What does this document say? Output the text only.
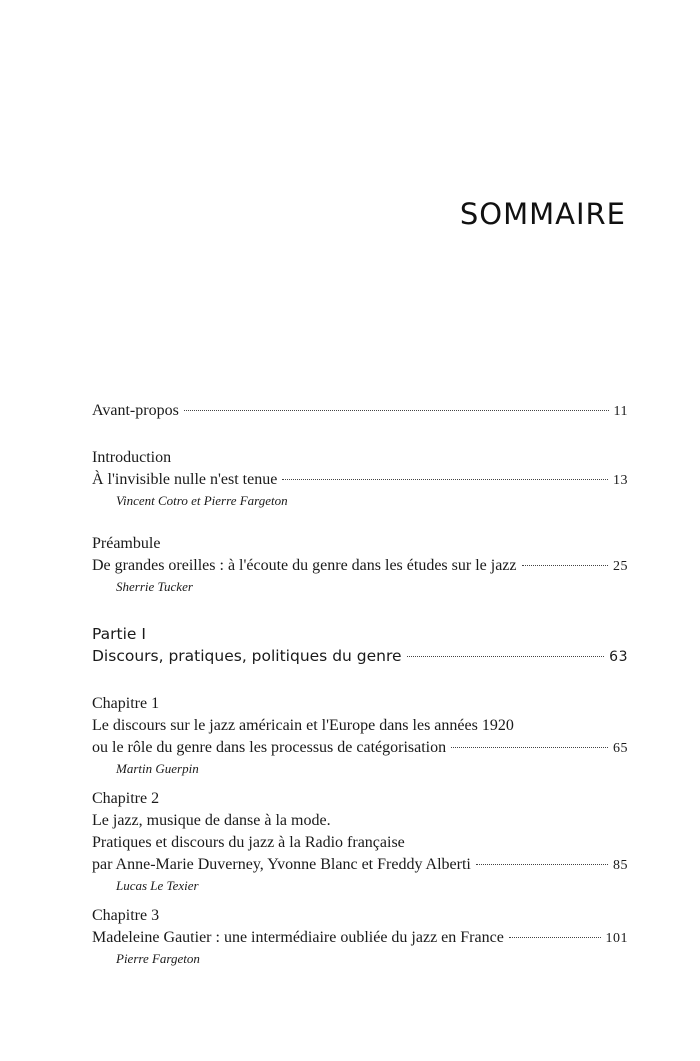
SOMMAIRE
Avant-propos	11
Introduction
À l'invisible nulle n'est tenue	13
Vincent Cotro et Pierre Fargeton
Préambule
De grandes oreilles : à l'écoute du genre dans les études sur le jazz	25
Sherrie Tucker
Partie I
Discours, pratiques, politiques du genre	63
Chapitre 1
Le discours sur le jazz américain et l'Europe dans les années 1920
ou le rôle du genre dans les processus de catégorisation	65
Martin Guerpin
Chapitre 2
Le jazz, musique de danse à la mode.
Pratiques et discours du jazz à la Radio française
par Anne-Marie Duverney, Yvonne Blanc et Freddy Alberti	85
Lucas Le Texier
Chapitre 3
Madeleine Gautier : une intermédiaire oubliée du jazz en France	101
Pierre Fargeton
